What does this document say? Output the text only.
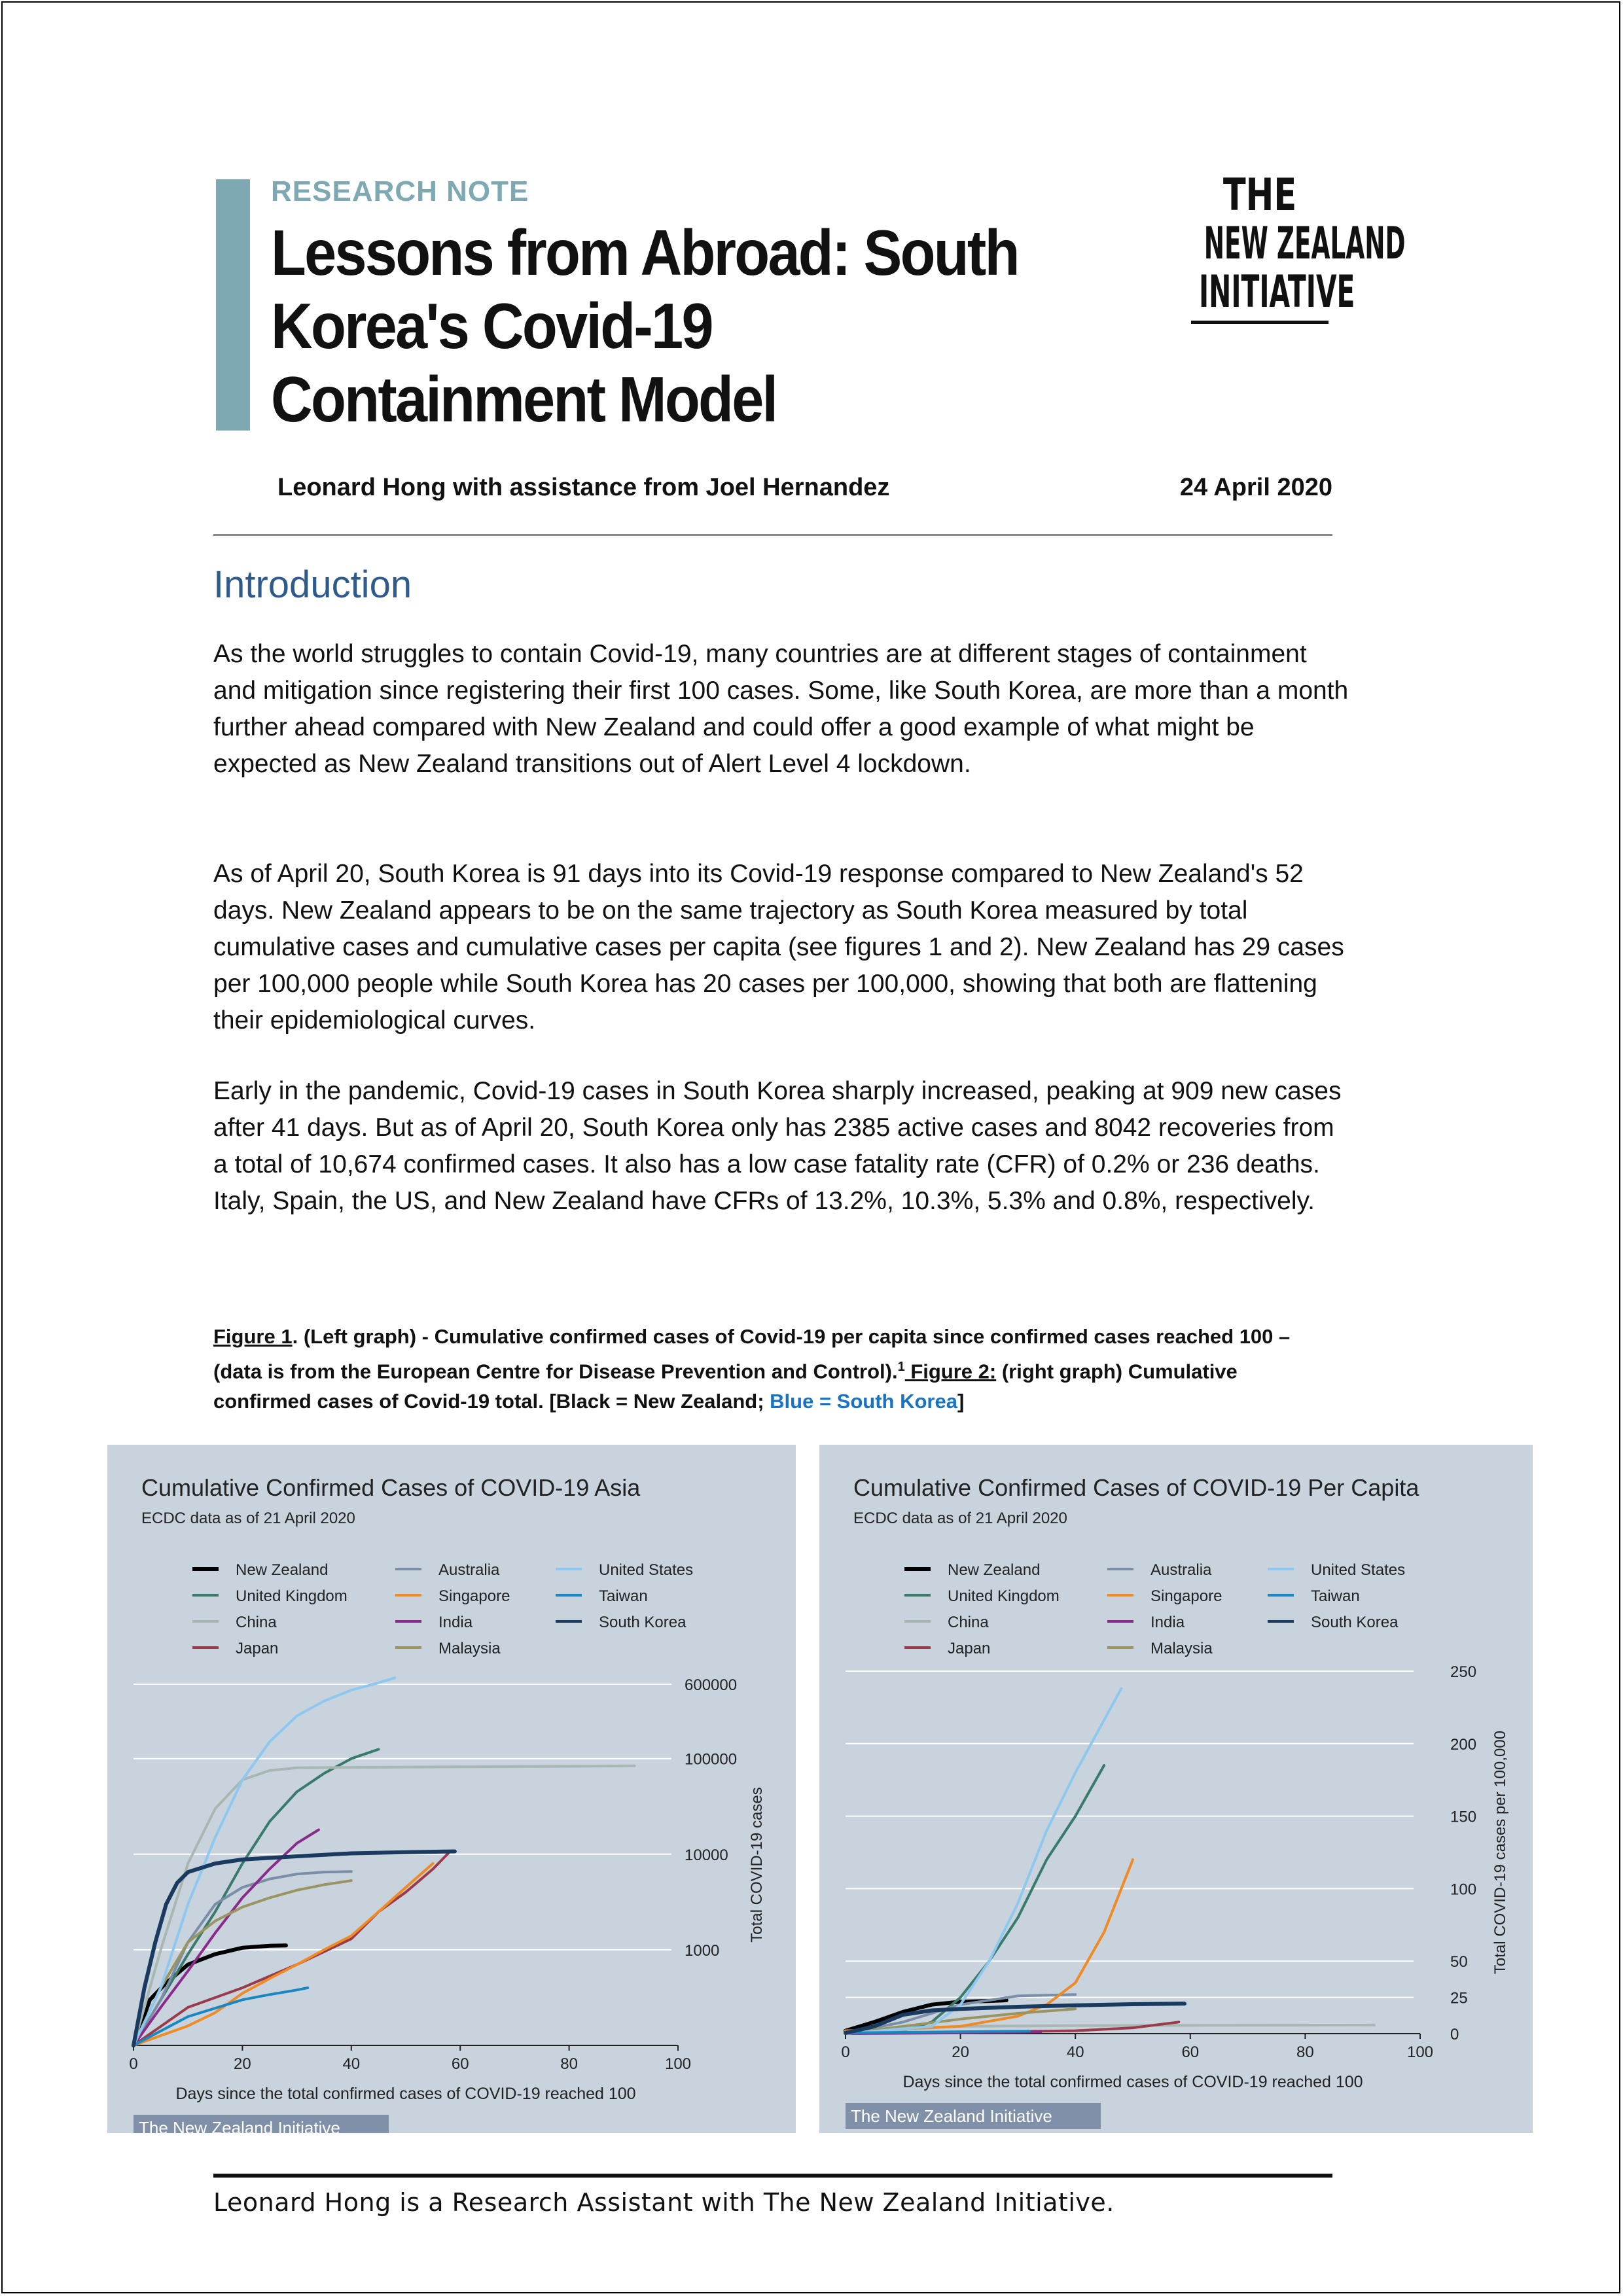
RESEARCH NOTE
Lessons from Abroad: South Korea's Covid-19 Containment Model
THE
NEW ZEALAND
INITIATIVE
Leonard Hong with assistance from Joel Hernandez	24 April 2020
Introduction
As the world struggles to contain Covid-19, many countries are at different stages of containment and mitigation since registering their first 100 cases. Some, like South Korea, are more than a month further ahead compared with New Zealand and could offer a good example of what might be expected as New Zealand transitions out of Alert Level 4 lockdown.
As of April 20, South Korea is 91 days into its Covid-19 response compared to New Zealand's 52 days. New Zealand appears to be on the same trajectory as South Korea measured by total cumulative cases and cumulative cases per capita (see figures 1 and 2). New Zealand has 29 cases per 100,000 people while South Korea has 20 cases per 100,000, showing that both are flattening their epidemiological curves.
Early in the pandemic, Covid-19 cases in South Korea sharply increased, peaking at 909 new cases after 41 days. But as of April 20, South Korea only has 2385 active cases and 8042 recoveries from a total of 10,674 confirmed cases. It also has a low case fatality rate (CFR) of 0.2% or 236 deaths. Italy, Spain, the US, and New Zealand have CFRs of 13.2%, 10.3%, 5.3% and 0.8%, respectively.
Figure 1. (Left graph) - Cumulative confirmed cases of Covid-19 per capita since confirmed cases reached 100 – (data is from the European Centre for Disease Prevention and Control).$^1$ Figure 2: (right graph) Cumulative confirmed cases of Covid-19 total. [Black = New Zealand; Blue = South Korea]
Cumulative Confirmed Cases of COVID-19 Asia
ECDC data as of 21 April 2020
New Zealand
United Kingdom
China
Japan
Australia
Singapore
India
Malaysia
United States
Taiwan
South Korea
1000
10000
100000
600000
0	20	40	60	80	100
Days since the total confirmed cases of COVID-19 reached 100
Total COVID-19 cases
The New Zealand Initiative
Cumulative Confirmed Cases of COVID-19 Per Capita
ECDC data as of 21 April 2020
New Zealand
United Kingdom
China
Japan
Australia
Singapore
India
Malaysia
United States
Taiwan
South Korea
0
25
50
100
150
200
250
0	20	40	60	80	100
Days since the total confirmed cases of COVID-19 reached 100
Total COVID-19 cases per 100,000
The New Zealand Initiative
Leonard Hong is a Research Assistant with The New Zealand Initiative.
